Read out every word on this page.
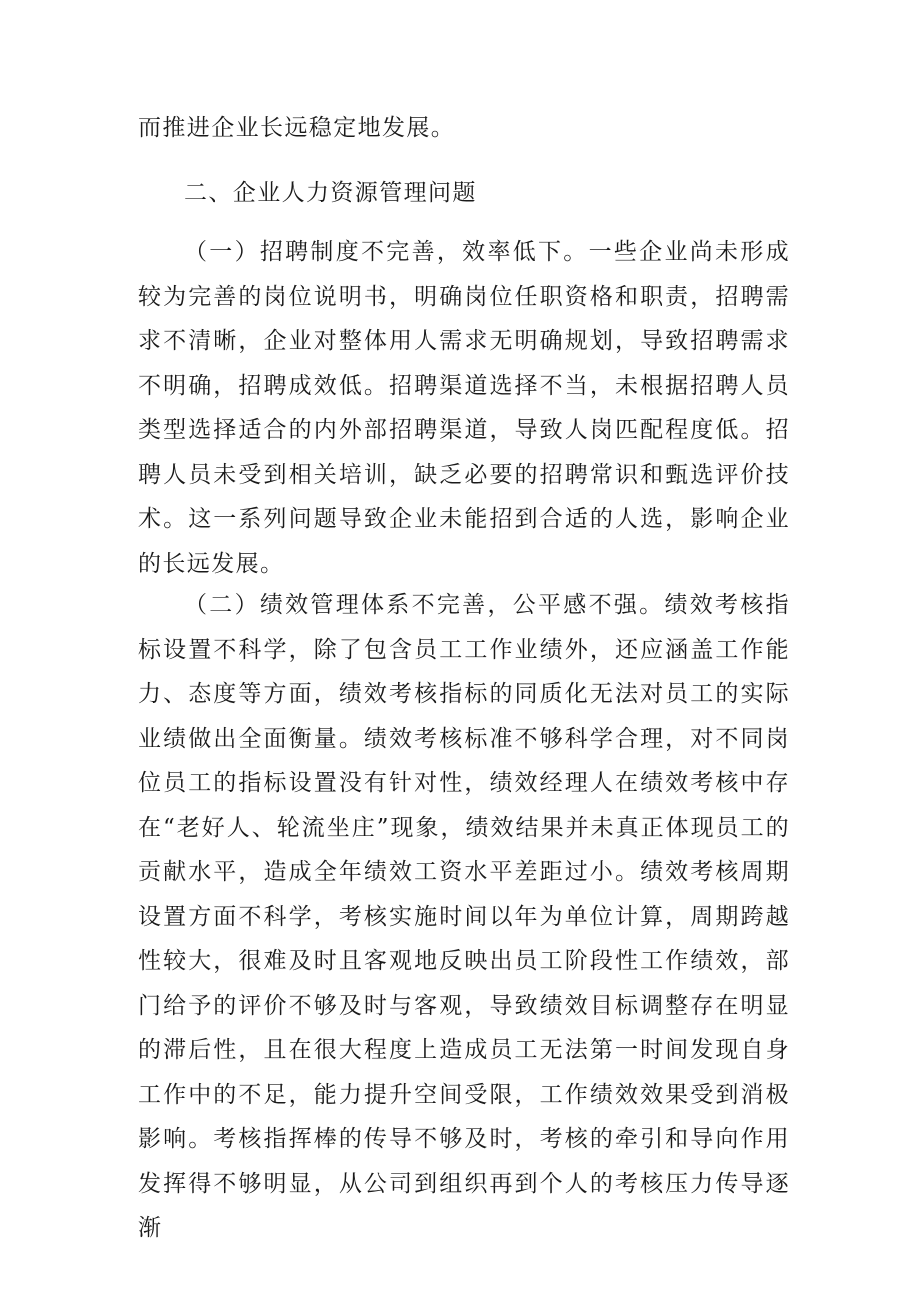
而推进企业长远稳定地发展。

二、企业人力资源管理问题

（一）招聘制度不完善，效率低下。一些企业尚未形成较为完善的岗位说明书，明确岗位任职资格和职责，招聘需求不清晰，企业对整体用人需求无明确规划，导致招聘需求不明确，招聘成效低。招聘渠道选择不当，未根据招聘人员类型选择适合的内外部招聘渠道，导致人岗匹配程度低。招聘人员未受到相关培训，缺乏必要的招聘常识和甄选评价技术。这一系列问题导致企业未能招到合适的人选，影响企业的长远发展。

（二）绩效管理体系不完善，公平感不强。绩效考核指标设置不科学，除了包含员工工作业绩外，还应涵盖工作能力、态度等方面，绩效考核指标的同质化无法对员工的实际业绩做出全面衡量。绩效考核标准不够科学合理，对不同岗位员工的指标设置没有针对性，绩效经理人在绩效考核中存在“老好人、轮流坐庄”现象，绩效结果并未真正体现员工的贡献水平，造成全年绩效工资水平差距过小。绩效考核周期设置方面不科学，考核实施时间以年为单位计算，周期跨越性较大，很难及时且客观地反映出员工阶段性工作绩效，部门给予的评价不够及时与客观，导致绩效目标调整存在明显的滞后性，且在很大程度上造成员工无法第一时间发现自身工作中的不足，能力提升空间受限，工作绩效效果受到消极影响。考核指挥棒的传导不够及时，考核的牵引和导向作用发挥得不够明显，从公司到组织再到个人的考核压力传导逐渐
